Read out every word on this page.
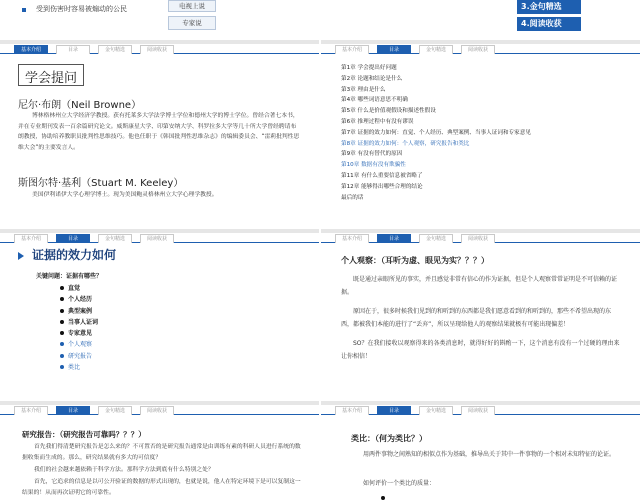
受到伤害时容易被煽动的公民	电视上说
专家说
3.金句精选
4.阅读收获
基本介绍	目录	金句精选	阅读收获
学会提问
尼尔·布朗（Neil Browne）
博林格林州立大学经济学教授。获有托莱多大学法学博士学位和德州大学的博士学位。曾经合著七本书，并在专业期刊发表一百余篇研究论文。威斯康星大学、印第安纳大学、科罗拉多大学等几十所大学曾经聘请布朗教授，协助培养教职员批判性思维技巧。他也任职于《韩国批判性思维杂志》的编辑委员会、“雷莉批判性思维大会”的主要发言人。
斯图尔特·基利（Stuart M. Keeley）
美国伊利诺伊大学心理学博士。现为美国鲍灵格林州立大学心理学教授。
基本介绍	目录	金句精选	阅读收获
第1章 学会提出好问题
第2章 论题和结论是什么
第3章 理由是什么
第4章 哪些词语意思不明确
第5章 什么是价值观假设和描述性假设
第6章 推理过程中有没有谬误
第7章 证据的效力如何：直觉、个人经历、典型案例、当事人证词和专家意见
第8章 证据的效力如何：个人观察，研究报告和类比
第9章 有没有替代的原因
第10章 数据有没有欺骗性
第11章 有什么重要信息被省略了
第12章 能够得出哪些合理的结论
最后的话
基本介绍	目录	金句精选	阅读收获
证据的效力如何
关键问题：证据有哪些？
直觉
个人经历
典型案例
当事人证词
专家意见
个人观察
研究报告
类比
基本介绍	目录	金句精选	阅读收获
个人观察：（耳听为虚、眼见为实？？？）
既是通过亲眼所见的事实，并且感觉非常有信心的作为证据，但是个人观察常常证明是不可信赖的证据。
原因在于，很多时候我们见到的和听到的东西都是我们愿意看到的和听到的，那些不希望出现的东西，都被我们本能的进行了“丢弃”，所以呈现给他人的观察结果就极有可能出现偏差！
SO？在我们接收以观察得来的各类消息时，就得好好的斟酌一下，这个消息有没有一个过硬的理由来让你相信！
基本介绍	目录	金句精选	阅读收获
研究报告：（研究报告可靠吗？？？）
首先我们得清楚研究报告是怎么来的？不可置否的是研究报告通常是由训练有素的科研人员进行系统的数据收集而生成的。那么，研究结果就有多大的可信度？
我们的社会越来越依赖于科学方法。那科学方法到底有什么特别之处？
首先，它追求的信息是以可公开验证的数据的形式出现的，也就是说，他人在特定环境下是可以复制这一结果的！从而再次证明它的可靠性。
基本介绍	目录	金句精选	阅读收获
类比：（何为类比？）
用两件事物之间熟知的相似点作为基础，推导出关于其中一件事物的一个相对未知特征的论证。
如何评价一个类比的质量：
